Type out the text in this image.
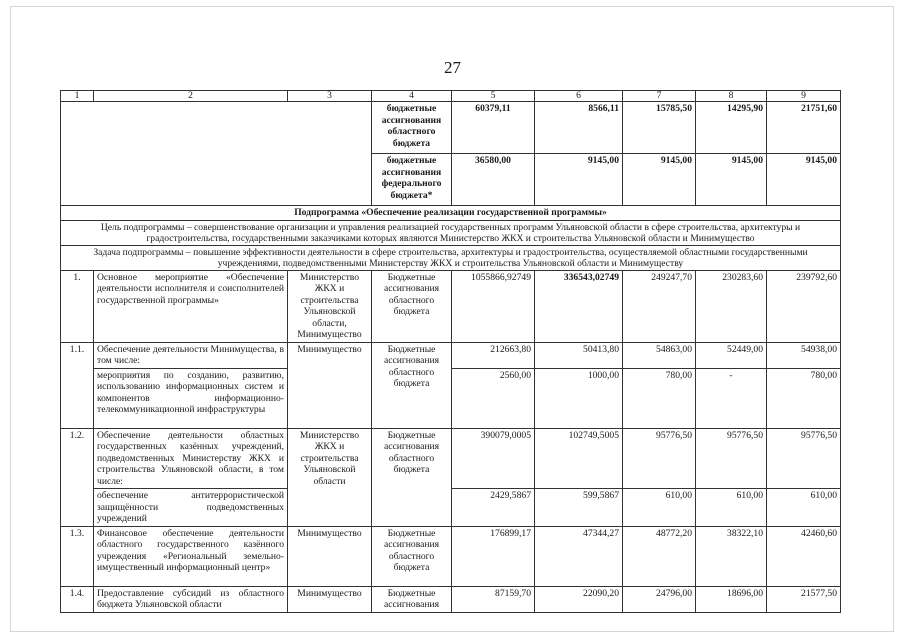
27
1	2	3	4	5	6	7	8	9
			бюджетные ассигнования областного бюджета	60379,11	8566,11	15785,50	14295,90	21751,60
			бюджетные ассигнования федерального бюджета*	36580,00	9145,00	9145,00	9145,00	9145,00
Подпрограмма «Обеспечение реализации государственной программы»								
Цель подпрограммы – совершенствование организации и управления реализацией государственных программ Ульяновской области в сфере строительства, архитектуры и градостроительства, государственными заказчиками которых являются Министерство ЖКХ и строительства Ульяновской области и Минимущество								
Задача подпрограммы – повышение эффективности деятельности в сфере строительства, архитектуры и градостроительства, осуществляемой областными государственными учреждениями, подведомственными Министерству ЖКХ и строительства Ульяновской области и Минимуществу								
1.	Основное мероприятие «Обеспечение деятельности исполнителя и соисполнителей государственной программы»	Министерство ЖКХ и строительства Ульяновской области, Минимущество	Бюджетные ассигнования областного бюджета	1055866,92749	336543,02749	249247,70	230283,60	239792,60
1.1.	Обеспечение деятельности Минимущества, в том числе:	Минимущество	Бюджетные ассигнования областного бюджета	212663,80	50413,80	54863,00	52449,00	54938,00
	мероприятия по созданию, развитию, использованию информационных систем и компонентов информационно-телекоммуникационной инфраструктуры			2560,00	1000,00	780,00	-	780,00
1.2.	Обеспечение деятельности областных государственных казённых учреждений, подведомственных Министерству ЖКХ и строительства Ульяновской области, в том числе:	Министерство ЖКХ и строительства Ульяновской области	Бюджетные ассигнования областного бюджета	390079,0005	102749,5005	95776,50	95776,50	95776,50
	обеспечение антитеррористической защищённости подведомственных учреждений			2429,5867	599,5867	610,00	610,00	610,00
1.3.	Финансовое обеспечение деятельности областного государственного казённого учреждения «Региональный земельно-имущественный информационный центр»	Минимущество	Бюджетные ассигнования областного бюджета	176899,17	47344,27	48772,20	38322,10	42460,60
1.4.	Предоставление субсидий из областного бюджета Ульяновской области	Минимущество	Бюджетные ассигнования	87159,70	22090,20	24796,00	18696,00	21577,50
